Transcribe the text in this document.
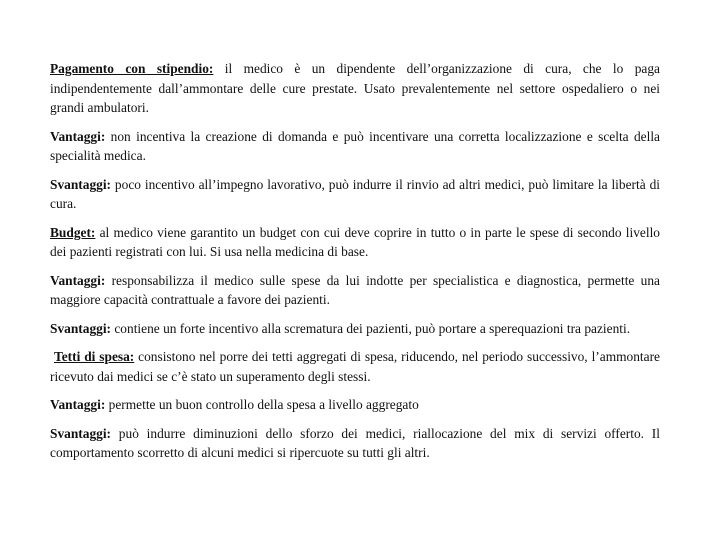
Pagamento con stipendio: il medico è un dipendente dell’organizzazione di cura, che lo paga indipendentemente dall’ammontare delle cure prestate. Usato prevalentemente nel settore ospedaliero o nei grandi ambulatori.

Vantaggi: non incentiva la creazione di domanda e può incentivare una corretta localizzazione e scelta della specialità medica.

Svantaggi: poco incentivo all’impegno lavorativo, può indurre il rinvio ad altri medici, può limitare la libertà di cura.

Budget: al medico viene garantito un budget con cui deve coprire in tutto o in parte le spese di secondo livello dei pazienti registrati con lui. Si usa nella medicina di base.

Vantaggi: responsabilizza il medico sulle spese da lui indotte per specialistica e diagnostica, permette una maggiore capacità contrattuale a favore dei pazienti.

Svantaggi: contiene un forte incentivo alla scrematura dei pazienti, può portare a sperequazioni tra pazienti.

Tetti di spesa: consistono nel porre dei tetti aggregati di spesa, riducendo, nel periodo successivo, l’ammontare ricevuto dai medici se c’è stato un superamento degli stessi.

Vantaggi: permette un buon controllo della spesa a livello aggregato

Svantaggi: può indurre diminuzioni dello sforzo dei medici, riallocazione del mix di servizi offerto. Il comportamento scorretto di alcuni medici si ripercuote su tutti gli altri.
